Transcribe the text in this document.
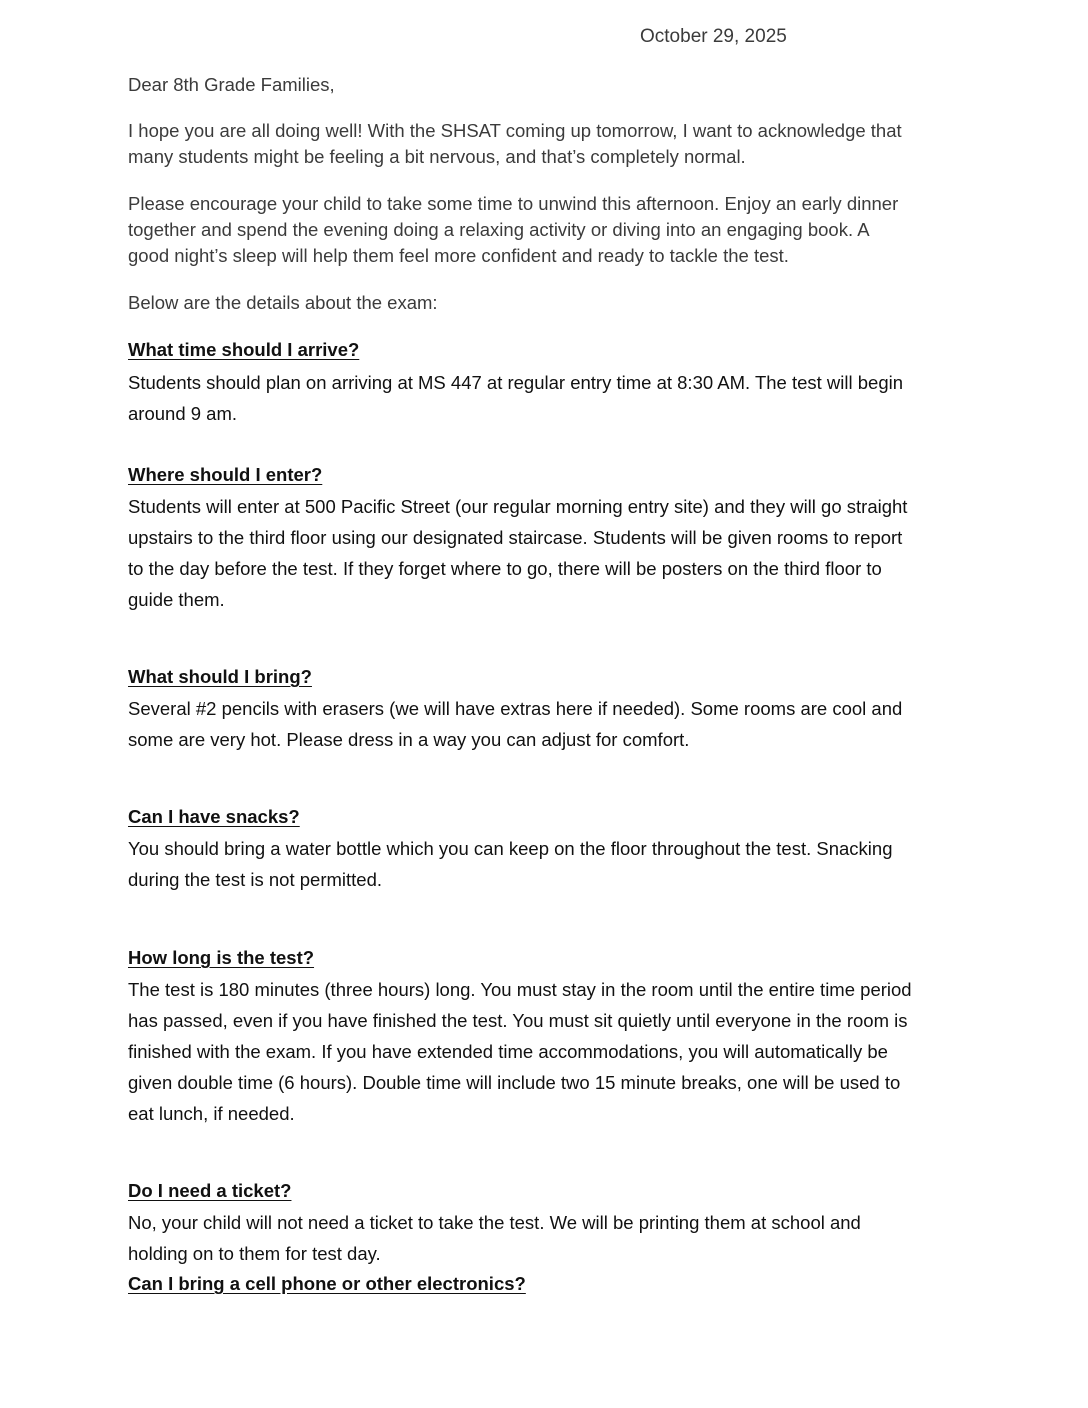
October 29, 2025

Dear 8th Grade Families,

I hope you are all doing well! With the SHSAT coming up tomorrow, I want to acknowledge that

many students might be feeling a bit nervous, and that’s completely normal.

Please encourage your child to take some time to unwind this afternoon. Enjoy an early dinner

together and spend the evening doing a relaxing activity or diving into an engaging book. A

good night’s sleep will help them feel more confident and ready to tackle the test.

Below are the details about the exam:

What time should I arrive?

Students should plan on arriving at MS 447 at regular entry time at 8:30 AM. The test will begin

around 9 am.

Where should I enter?

Students will enter at 500 Pacific Street (our regular morning entry site) and they will go straight

upstairs to the third floor using our designated staircase. Students will be given rooms to report

to the day before the test. If they forget where to go, there will be posters on the third floor to

guide them.

What should I bring?

Several #2 pencils with erasers (we will have extras here if needed). Some rooms are cool and

some are very hot. Please dress in a way you can adjust for comfort.

Can I have snacks?

You should bring a water bottle which you can keep on the floor throughout the test. Snacking

during the test is not permitted.

How long is the test?

The test is 180 minutes (three hours) long. You must stay in the room until the entire time period

has passed, even if you have finished the test. You must sit quietly until everyone in the room is

finished with the exam. If you have extended time accommodations, you will automatically be

given double time (6 hours). Double time will include two 15 minute breaks, one will be used to

eat lunch, if needed.

Do I need a ticket?

No, your child will not need a ticket to take the test. We will be printing them at school and

holding on to them for test day.

Can I bring a cell phone or other electronics?
